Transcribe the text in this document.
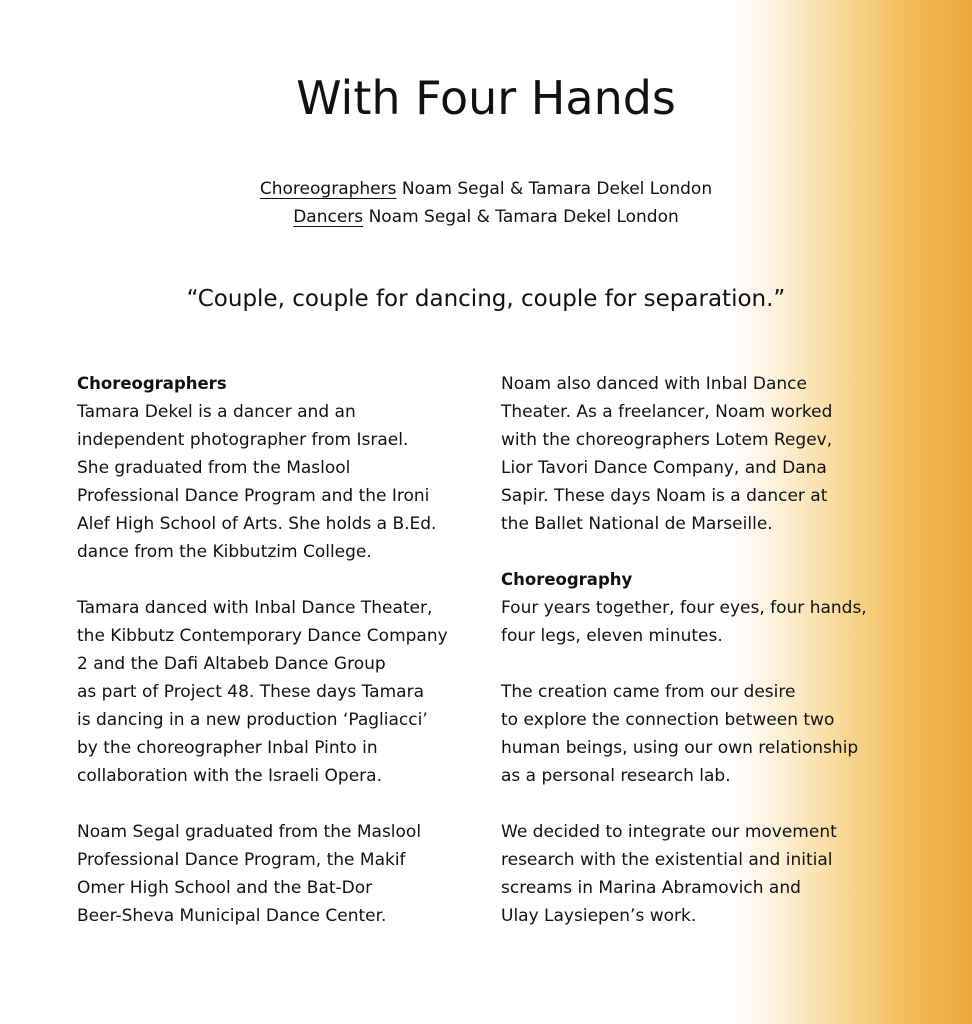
With Four Hands
Choreographers Noam Segal & Tamara Dekel London
Dancers Noam Segal & Tamara Dekel London

“Couple, couple for dancing, couple for separation.”

Choreographers

Tamara Dekel is a dancer and an
independent photographer from Israel.
She graduated from the Maslool
Professional Dance Program and the Ironi
Alef High School of Arts. She holds a B.Ed.
dance from the Kibbutzim College.

Tamara danced with Inbal Dance Theater,
the Kibbutz Contemporary Dance Company
2 and the Dafi Altabeb Dance Group
as part of Project 48. These days Tamara
is dancing in a new production ‘Pagliacci’
by the choreographer Inbal Pinto in
collaboration with the Israeli Opera.

Noam Segal graduated from the Maslool
Professional Dance Program, the Makif
Omer High School and the Bat-Dor
Beer-Sheva Municipal Dance Center.

Noam also danced with Inbal Dance
Theater. As a freelancer, Noam worked
with the choreographers Lotem Regev,
Lior Tavori Dance Company, and Dana
Sapir. These days Noam is a dancer at
the Ballet National de Marseille.

Choreography

Four years together, four eyes, four hands,
four legs, eleven minutes.

The creation came from our desire
to explore the connection between two
human beings, using our own relationship
as a personal research lab.

We decided to integrate our movement
research with the existential and initial
screams in Marina Abramovich and
Ulay Laysiepen’s work.
